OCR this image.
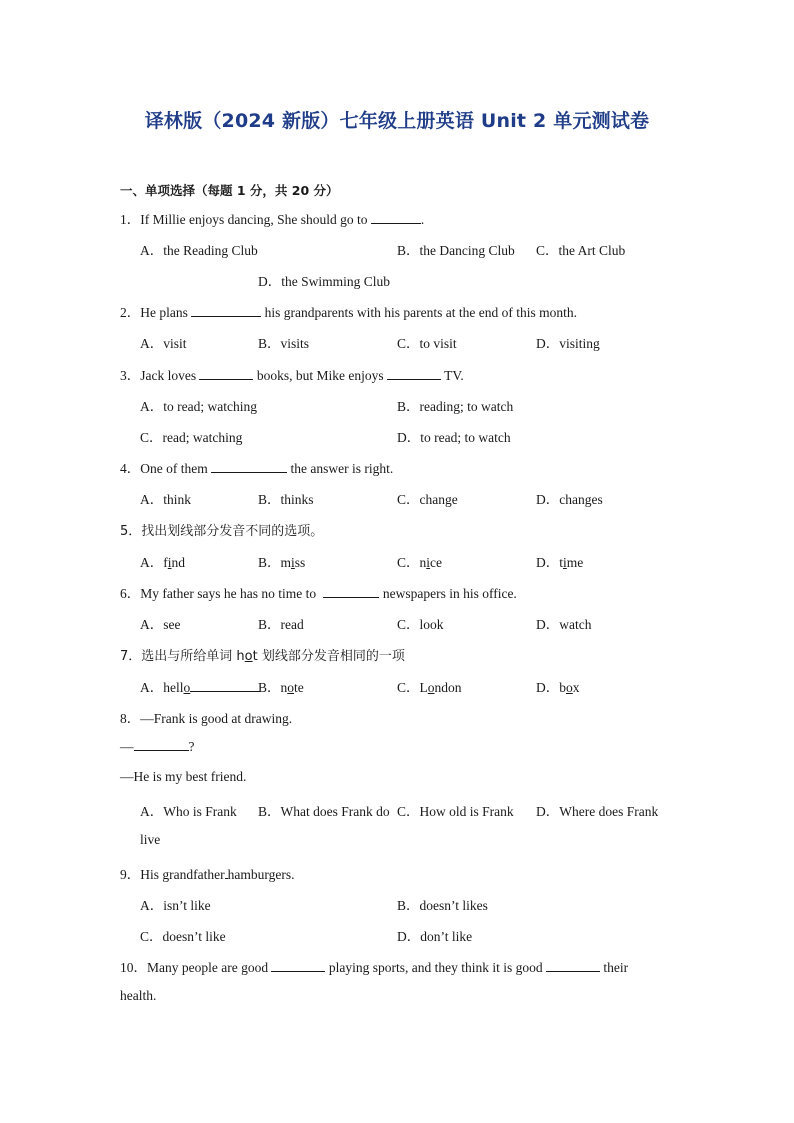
译林版（2024 新版）七年级上册英语 Unit 2 单元测试卷
一、单项选择（每题 1 分，共 20 分）
1．If Millie enjoys dancing, She should go to	.
A．the Reading Club	B．the Dancing Club C．the Art Club
D．the Swimming Club
2．He plans	his grandparents with his parents at the end of this month.
A．visit	B．visits	C．to visit	D．visiting
3．Jack loves	books, but Mike enjoys	TV.
A．to read; watching	B．reading; to watch
C．read; watching	D．to read; to watch
4．One of them	the answer is right.
A．think	B．thinks	C．change	D．changes
5．找出划线部分发音不同的选项。
A．find	B．miss	C．nice	D．time
6．My father says he has no time to	newspapers in his office.
A．see	B．read	C．look	D．watch
7．选出与所给单词 hot 划线部分发音相同的一项
A．hello	B．note	C．London	D．box
8．—Frank is good at drawing.
—	?
—He is my best friend.
A．Who is Frank B．What does Frank do C．How old is Frank D．Where does Frank
live
9．His grandfather hamburgers.
A．isn’t like	B．doesn’t likes
C．doesn’t like	D．don’t like
10．Many people are good	playing sports, and they think it is good	their
health.
